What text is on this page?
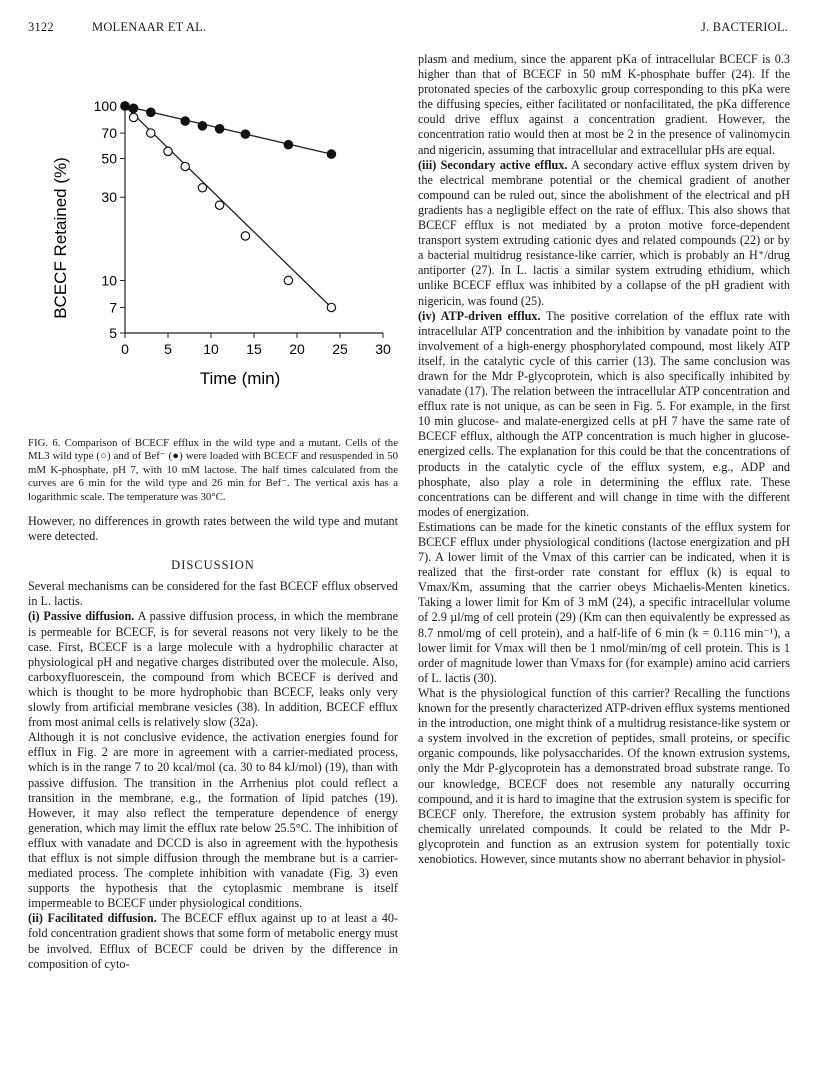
3122	MOLENAAR ET AL.	J. BACTERIOL.
0	5 10 15 20 25 30
5
7
10
30
50
70
100
Time (min)
BCECF Retained (%)
FIG. 6. Comparison of BCECF efflux in the wild type and a mutant. Cells of the ML3 wild type (○) and of Bef⁻ (●) were loaded with BCECF and resuspended in 50 mM K-phosphate, pH 7, with 10 mM lactose. The half times calculated from the curves are 6 min for the wild type and 26 min for Bef⁻. The vertical axis has a logarithmic scale. The temperature was 30°C.

However, no differences in growth rates between the wild type and mutant were detected.

DISCUSSION

Several mechanisms can be considered for the fast BCECF efflux observed in L. lactis.

(i) Passive diffusion. A passive diffusion process, in which the membrane is permeable for BCECF, is for several reasons not very likely to be the case. First, BCECF is a large molecule with a hydrophilic character at physiological pH and negative charges distributed over the molecule. Also, carboxyfluorescein, the compound from which BCECF is derived and which is thought to be more hydrophobic than BCECF, leaks only very slowly from artificial membrane vesicles (38). In addition, BCECF efflux from most animal cells is relatively slow (32a).

Although it is not conclusive evidence, the activation energies found for efflux in Fig. 2 are more in agreement with a carrier-mediated process, which is in the range 7 to 20 kcal/mol (ca. 30 to 84 kJ/mol) (19), than with passive diffusion. The transition in the Arrhenius plot could reflect a transition in the membrane, e.g., the formation of lipid patches (19). However, it may also reflect the temperature dependence of energy generation, which may limit the efflux rate below 25.5°C. The inhibition of efflux with vanadate and DCCD is also in agreement with the hypothesis that efflux is not simple diffusion through the membrane but is a carrier-mediated process. The complete inhibition with vanadate (Fig. 3) even supports the hypothesis that the cytoplasmic membrane is itself impermeable to BCECF under physiological conditions.

(ii) Facilitated diffusion. The BCECF efflux against up to at least a 40-fold concentration gradient shows that some form of metabolic energy must be involved. Efflux of BCECF could be driven by the difference in composition of cyto-

plasm and medium, since the apparent pKa of intracellular BCECF is 0.3 higher than that of BCECF in 50 mM K-phosphate buffer (24). If the protonated species of the carboxylic group corresponding to this pKa were the diffusing species, either facilitated or nonfacilitated, the pKa difference could drive efflux against a concentration gradient. However, the concentration ratio would then at most be 2 in the presence of valinomycin and nigericin, assuming that intracellular and extracellular pHs are equal.

(iii) Secondary active efflux. A secondary active efflux system driven by the electrical membrane potential or the chemical gradient of another compound can be ruled out, since the abolishment of the electrical and pH gradients has a negligible effect on the rate of efflux. This also shows that BCECF efflux is not mediated by a proton motive force-dependent transport system extruding cationic dyes and related compounds (22) or by a bacterial multidrug resistance-like carrier, which is probably an H⁺/drug antiporter (27). In L. lactis a similar system extruding ethidium, which unlike BCECF efflux was inhibited by a collapse of the pH gradient with nigericin, was found (25).

(iv) ATP-driven efflux. The positive correlation of the efflux rate with intracellular ATP concentration and the inhibition by vanadate point to the involvement of a high-energy phosphorylated compound, most likely ATP itself, in the catalytic cycle of this carrier (13). The same conclusion was drawn for the Mdr P-glycoprotein, which is also specifically inhibited by vanadate (17). The relation between the intracellular ATP concentration and efflux rate is not unique, as can be seen in Fig. 5. For example, in the first 10 min glucose- and malate-energized cells at pH 7 have the same rate of BCECF efflux, although the ATP concentration is much higher in glucose-energized cells. The explanation for this could be that the concentrations of products in the catalytic cycle of the efflux system, e.g., ADP and phosphate, also play a role in determining the efflux rate. These concentrations can be different and will change in time with the different modes of energization.

Estimations can be made for the kinetic constants of the efflux system for BCECF efflux under physiological conditions (lactose energization and pH 7). A lower limit of the Vmax of this carrier can be indicated, when it is realized that the first-order rate constant for efflux (k) is equal to Vmax/Km, assuming that the carrier obeys Michaelis-Menten kinetics. Taking a lower limit for Km of 3 mM (24), a specific intracellular volume of 2.9 µl/mg of cell protein (29) (Km can then equivalently be expressed as 8.7 nmol/mg of cell protein), and a half-life of 6 min (k = 0.116 min⁻¹), a lower limit for Vmax will then be 1 nmol/min/mg of cell protein. This is 1 order of magnitude lower than Vmaxs for (for example) amino acid carriers of L. lactis (30).

What is the physiological function of this carrier? Recalling the functions known for the presently characterized ATP-driven efflux systems mentioned in the introduction, one might think of a multidrug resistance-like system or a system involved in the excretion of peptides, small proteins, or specific organic compounds, like polysaccharides. Of the known extrusion systems, only the Mdr P-glycoprotein has a demonstrated broad substrate range. To our knowledge, BCECF does not resemble any naturally occurring compound, and it is hard to imagine that the extrusion system is specific for BCECF only. Therefore, the extrusion system probably has affinity for chemically unrelated compounds. It could be related to the Mdr P-glycoprotein and function as an extrusion system for potentially toxic xenobiotics. However, since mutants show no aberrant behavior in physiol-
